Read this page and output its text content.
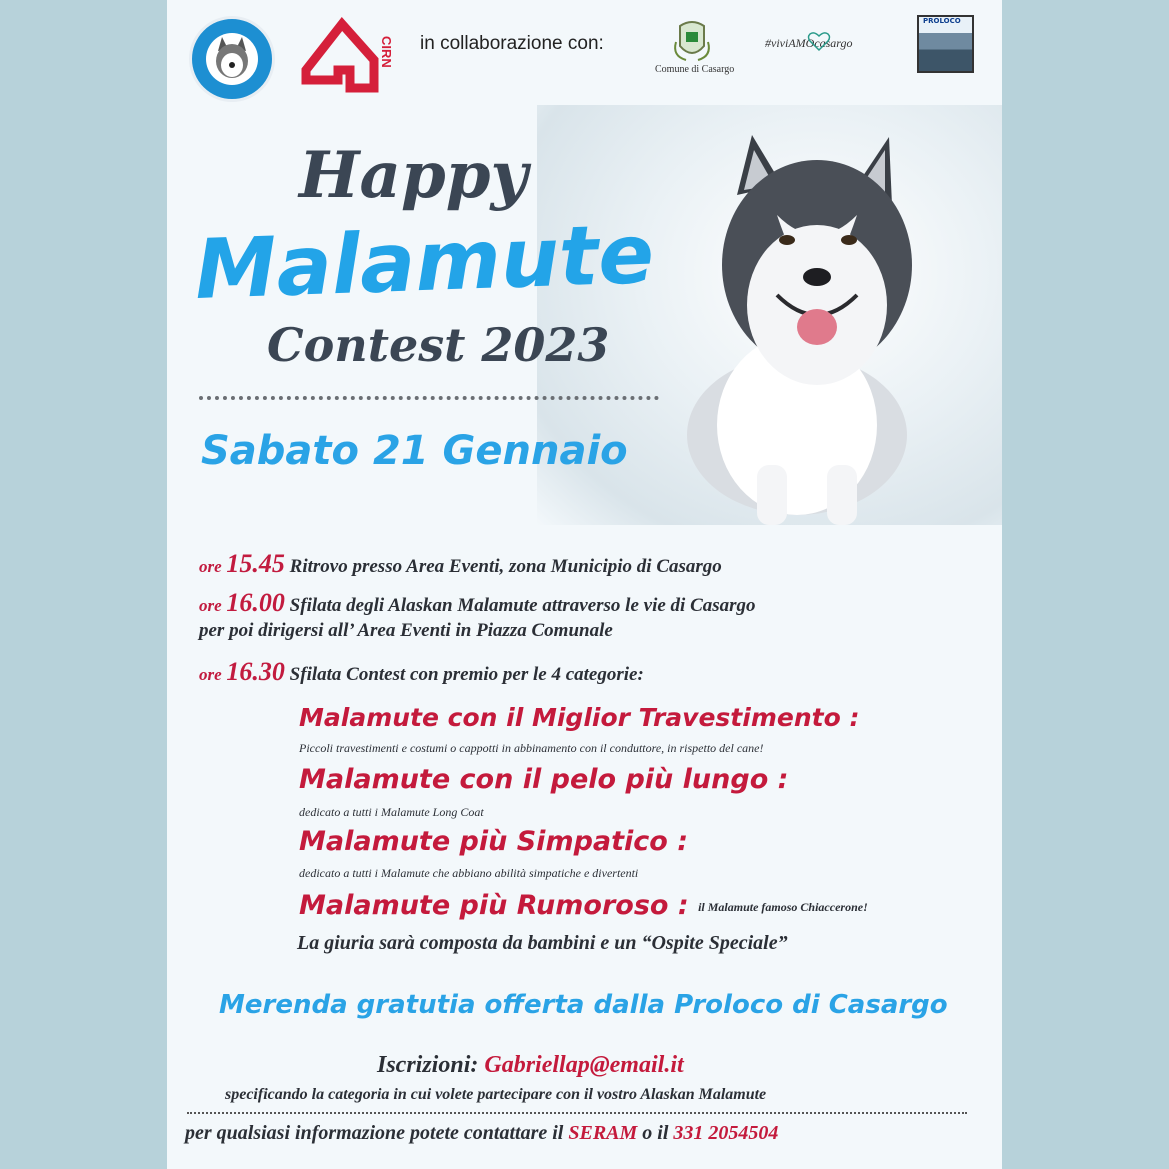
CIRN in collaborazione con:
Comune di Casargo
#viviAMOcasargo
PROLOCO
Happy
Malamute
Contest 2023
Sabato 21 Gennaio
ore 15.45 Ritrovo presso Area Eventi, zona Municipio di Casargo
ore 16.00 Sfilata degli Alaskan Malamute attraverso le vie di Casargo
per poi dirigersi all’ Area Eventi in Piazza Comunale
ore 16.30 Sfilata Contest con premio per le 4 categorie:
Malamute con il Miglior Travestimento :
Piccoli travestimenti e costumi o cappotti in abbinamento con il conduttore, in rispetto del cane!
Malamute con il pelo più lungo :
dedicato a tutti i Malamute Long Coat
Malamute più Simpatico :
dedicato a tutti i Malamute che abbiano abilità simpatiche e divertenti
Malamute più Rumoroso : il Malamute famoso Chiaccerone!
La giuria sarà composta da bambini e un “Ospite Speciale”
Merenda gratutia offerta dalla Proloco di Casargo
Iscrizioni: Gabriellap@email.it
specificando la categoria in cui volete partecipare con il vostro Alaskan Malamute
per qualsiasi informazione potete contattare il SERAM o il 331 2054504
